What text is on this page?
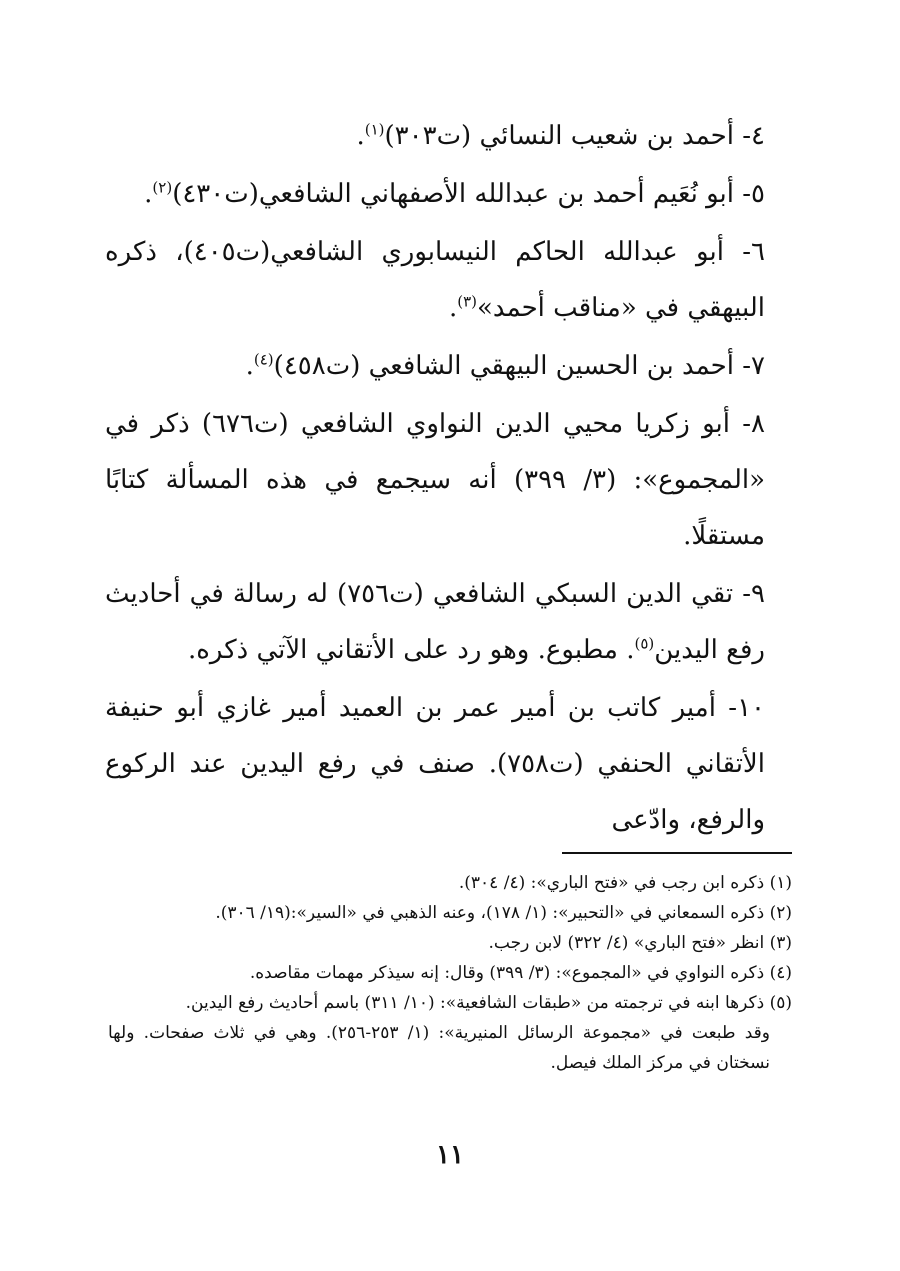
٤- أحمد بن شعيب النسائي (ت٣٠٣)$^{(١)}$.

٥- أبو نُعَيم أحمد بن عبدالله الأصفهاني الشافعي(ت٤٣٠)$^{(٢)}$.

٦- أبو عبدالله الحاكم النيسابوري الشافعي(ت٤٠٥)، ذكره البيهقي في «مناقب أحمد»$^{(٣)}$.

٧- أحمد بن الحسين البيهقي الشافعي (ت٤٥٨)$^{(٤)}$.

٨- أبو زكريا محيي الدين النواوي الشافعي (ت٦٧٦) ذكر في «المجموع»: (٣/ ٣٩٩) أنه سيجمع في هذه المسألة كتابًا مستقلًا.

٩- تقي الدين السبكي الشافعي (ت٧٥٦) له رسالة في أحاديث رفع اليدين$^{(٥)}$. مطبوع. وهو رد على الأتقاني الآتي ذكره.

١٠- أمير كاتب بن أمير عمر بن العميد أمير غازي أبو حنيفة الأتقاني الحنفي (ت٧٥٨). صنف في رفع اليدين عند الركوع والرفع، وادّعى

(١) ذكره ابن رجب في «فتح الباري»: (٤/ ٣٠٤).

(٢) ذكره السمعاني في «التحبير»: (١/ ١٧٨)، وعنه الذهبي في «السير»:(١٩/ ٣٠٦).

(٣) انظر «فتح الباري» (٤/ ٣٢٢) لابن رجب.

(٤) ذكره النواوي في «المجموع»: (٣/ ٣٩٩) وقال: إنه سيذكر مهمات مقاصده.

(٥) ذكرها ابنه في ترجمته من «طبقات الشافعية»: (١٠/ ٣١١) باسم أحاديث رفع اليدين.

وقد طبعت في «مجموعة الرسائل المنيرية»: (١/ ٢٥٣-٢٥٦). وهي في ثلاث صفحات. ولها نسختان في مركز الملك فيصل.

١١
